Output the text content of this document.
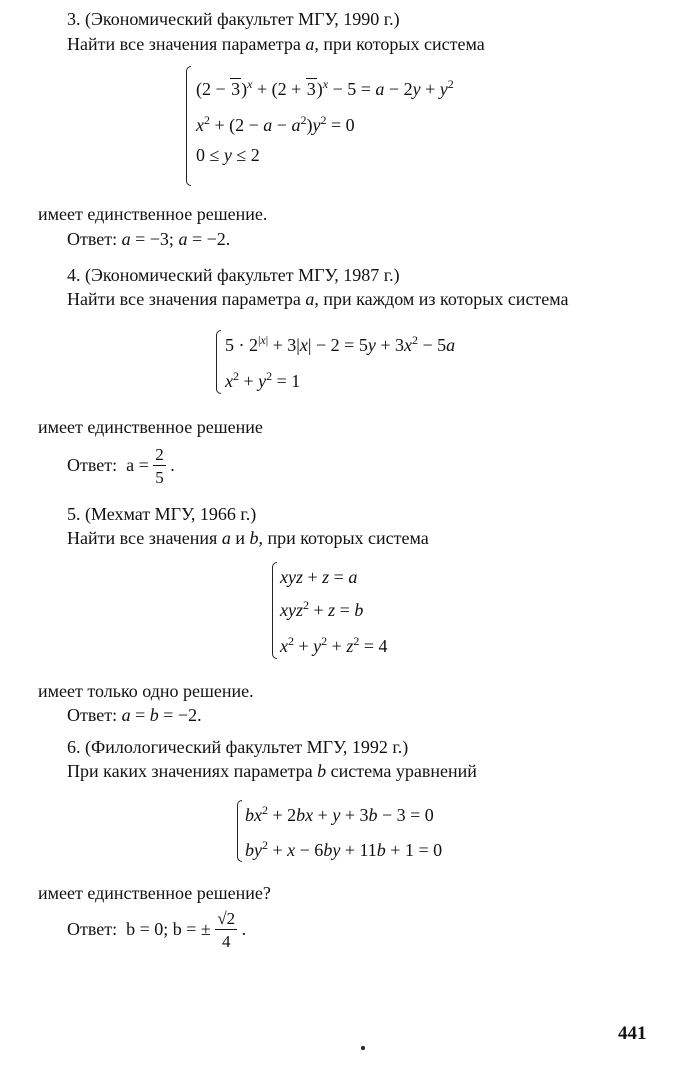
3. (Экономический факультет МГУ, 1990 г.)
Найти все значения параметра a, при которых система
$(2 - 3)^x + (2 + 3)^x - 5 = a - 2y + y^2$
$x^2 + (2 - a - a^2)y^2 = 0$
0 ≤ y ≤ 2
имеет единственное решение.
Ответ: a = −3; a = −2.
4. (Экономический факультет МГУ, 1987 г.)
Найти все значения параметра a, при каждом из которых система
$5 \cdot 2^{|x|} + 3|x| - 2 = 5y + 3x^2 - 5a$
$x^2 + y^2 = 1$
имеет единственное решение
Ответ: $a = \frac{2}{5}$ .
5. (Мехмат МГУ, 1966 г.)
Найти все значения a и b, при которых система
xyz + z = a
xyz$^2$ + z = b
$x^2 + y^2 + z^2 = 4$
имеет только одно решение.
Ответ: a = b = −2.
6. (Филологический факультет МГУ, 1992 г.)
При каких значениях параметра b система уравнений
$bx^2 + 2bx + y + 3b - 3 = 0$
$by^2 + x - 6by + 11b + 1 = 0$
имеет единственное решение?
Ответ: b = 0; b = ± $\frac{√2}{4}$ .
441
